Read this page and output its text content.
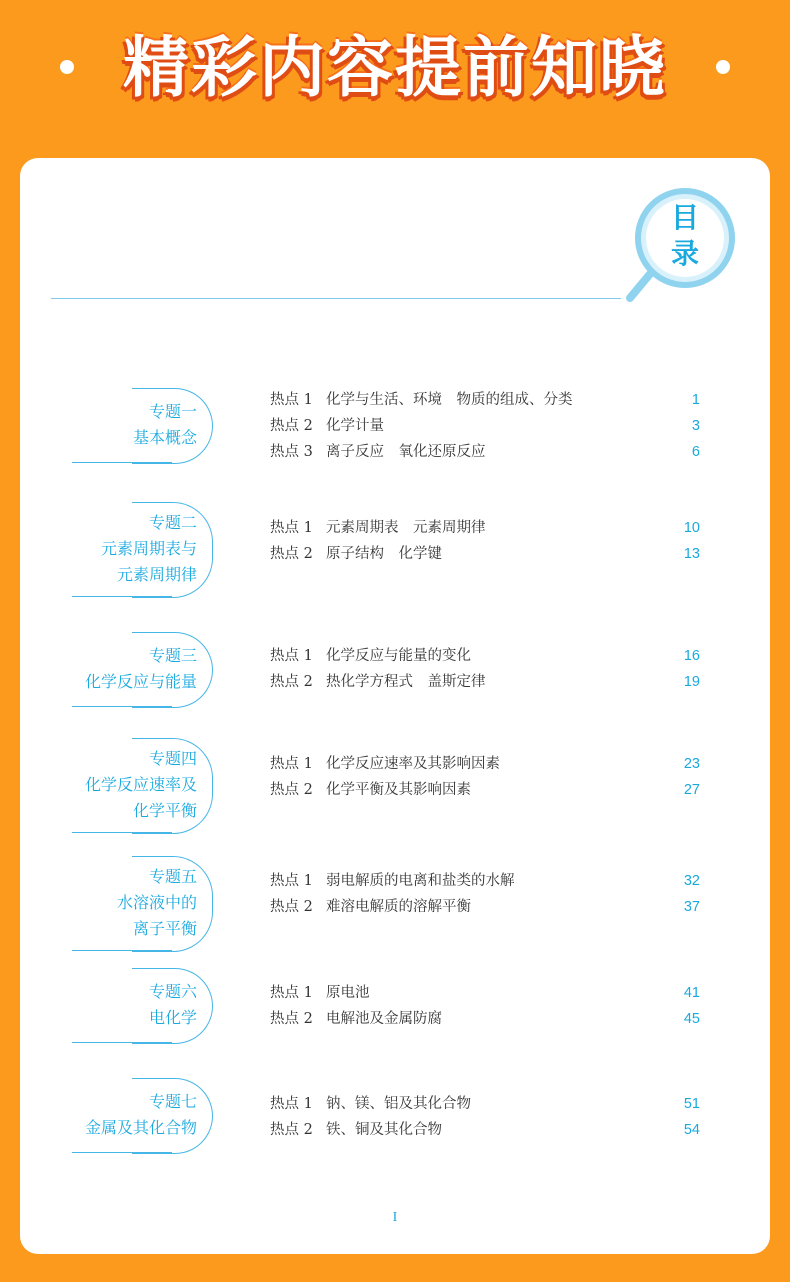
精彩内容提前知晓
目
录
专题一
基本概念
热点 1 化学与生活、环境　物质的组成、分类	1
热点 2 化学计量	3
热点 3 离子反应　氧化还原反应	6
专题二
元素周期表与
元素周期律
热点 1 元素周期表　元素周期律	10
热点 2 原子结构　化学键	13
专题三
化学反应与能量
热点 1 化学反应与能量的变化	16
热点 2 热化学方程式　盖斯定律	19
专题四
化学反应速率及
化学平衡
热点 1 化学反应速率及其影响因素	23
热点 2 化学平衡及其影响因素	27
专题五
水溶液中的
离子平衡
热点 1 弱电解质的电离和盐类的水解	32
热点 2 难溶电解质的溶解平衡	37
专题六
电化学
热点 1 原电池	41
热点 2 电解池及金属防腐	45
专题七
金属及其化合物
热点 1 钠、镁、铝及其化合物	51
热点 2 铁、铜及其化合物	54
I
